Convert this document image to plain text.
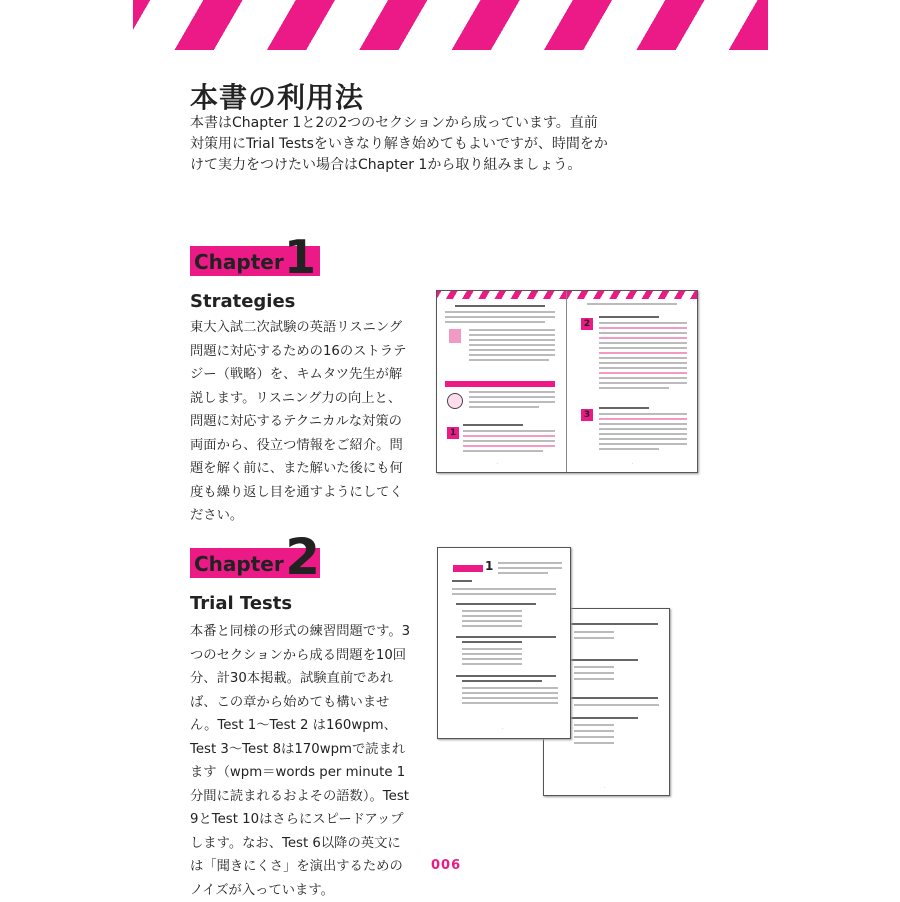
本書の利用法

本書はChapter 1と2の2つのセクションから成っています。直前対策用にTrial Testsをいきなり解き始めてもよいですが、時間をかけて実力をつけたい場合はChapter 1から取り組みましょう。

Chapter 1
Strategies

東大入試二次試験の英語リスニング問題に対応するための16のストラテジー（戦略）を、キムタツ先生が解説します。リスニング力の向上と、問題に対応するテクニカルな対策の両面から、役立つ情報をご紹介。問題を解く前に、また解いた後にも何度も繰り返し目を通すようにしてください。

1
2
3
·	·
Chapter 2
Trial Tests

本番と同様の形式の練習問題です。3つのセクションから成る問題を10回分、計30本掲載。試験直前であれば、この章から始めても構いません。Test 1～Test 2 は160wpm、Test 3～Test 8は170wpmで読まれます（wpm＝words per minute 1分間に読まれるおよその語数）。Test 9とTest 10はさらにスピードアップします。なお、Test 6以降の英文には「聞きにくさ」を演出するためのノイズが入っています。

·
1
·
006
